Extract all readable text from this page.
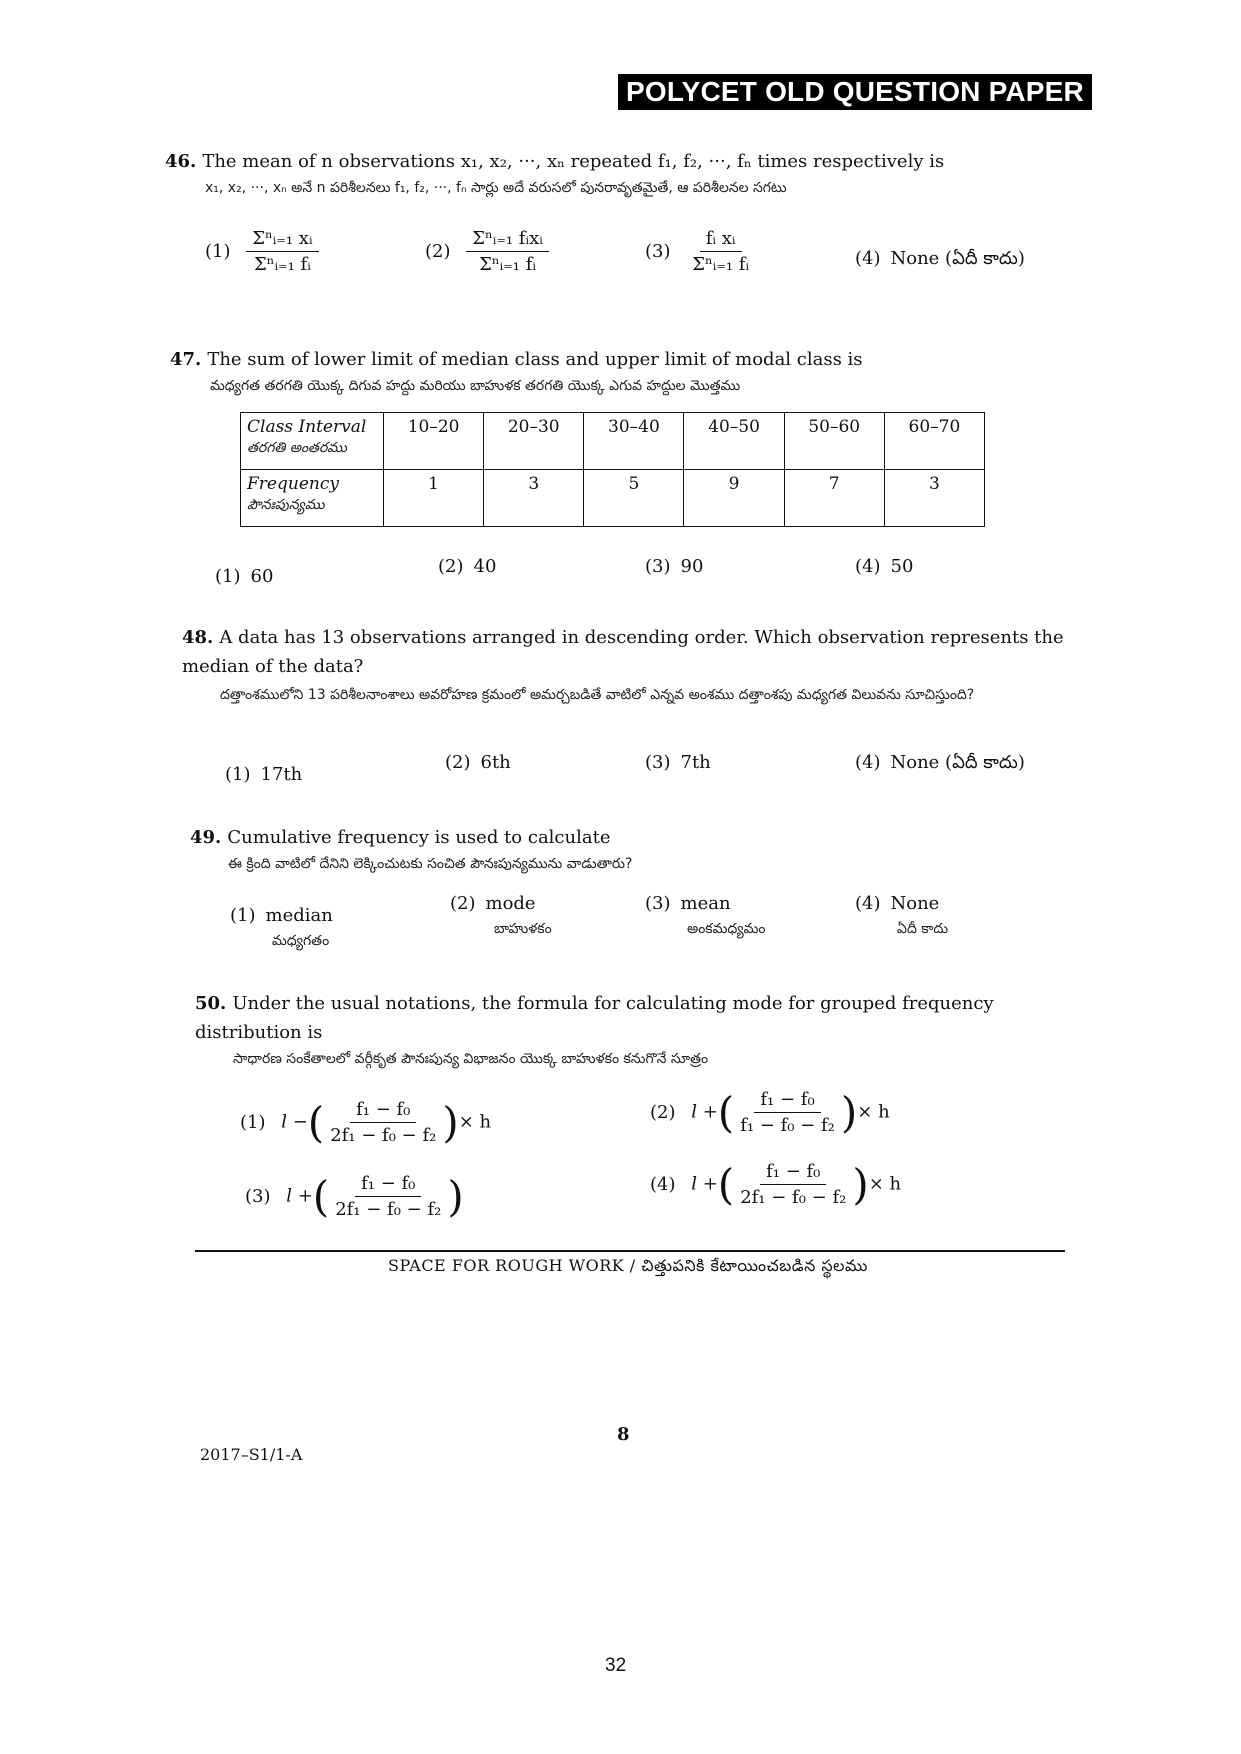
POLYCET OLD QUESTION PAPER
46. The mean of n observations x₁, x₂, ···, xₙ repeated f₁, f₂, ···, fₙ times respectively is
x₁, x₂, ···, xₙ అనే n పరిశీలనలు f₁, f₂, ···, fₙ సార్లు అదే వరుసలో పునరావృతమైతే, ఆ పరిశీలనల సగటు
$(1) \frac{\text{Σⁿᵢ₌₁ xᵢ}}{\text{Σⁿᵢ₌₁ fᵢ}}$	$(2) \frac{\text{Σⁿᵢ₌₁ fᵢxᵢ}}{\text{Σⁿᵢ₌₁ fᵢ}}$	$(3) \frac{\text{fᵢ xᵢ}}{\text{Σⁿᵢ₌₁ fᵢ}}$	(4) None (ఏదీ కాదు)
47. The sum of lower limit of median class and upper limit of modal class is
మధ్యగత తరగతి యొక్క దిగువ హద్దు మరియు బాహుళక తరగతి యొక్క ఎగువ హద్దుల మొత్తము
Class Interval
తరగతి అంతరము	10–20	20–30	30–40	40–50	50–60	60–70
Frequency
పౌనఃపున్యము	1	3	5	9	7	3
(1) 60	(2) 40	(3) 90	(4) 50
48. A data has 13 observations arranged in descending order. Which observation represents the median of the data?
దత్తాంశములోని 13 పరిశీలనాంశాలు అవరోహణ క్రమంలో అమర్చబడితే వాటిలో ఎన్నవ అంశము దత్తాంశపు మధ్యగత విలువను సూచిస్తుంది?
(1) 17th
(2) 6th	(3) 7th	(4) None (ఏదీ కాదు)
49. Cumulative frequency is used to calculate
ఈ క్రింది వాటిలో దేనిని లెక్కించుటకు సంచిత పౌనఃపున్యమును వాడుతారు?
(1) median
మధ్యగతం
(2) mode
బాహుళకం
(3) mean
అంకమధ్యమం
(4) None
ఏదీ కాదు
50. Under the usual notations, the formula for calculating mode for grouped frequency distribution is
సాధారణ సంకేతాలలో వర్గీకృత పౌనఃపున్య విభాజనం యొక్క బాహుళకం కనుగొనే సూత్రం
(1) l −( $\frac{\text{f₁ − f₀}}{\text{2f₁ − f₀ − f₂}}$ )× h	(2) l +( $\frac{\text{f₁ − f₀}}{\text{f₁ − f₀ − f₂}}$ )× h
(3) l +( $\frac{\text{f₁ − f₀}}{\text{2f₁ − f₀ − f₂}}$ )	(4) l +( $\frac{\text{f₁ − f₀}}{\text{2f₁ − f₀ − f₂}}$ )× h
SPACE FOR ROUGH WORK / చిత్తుపనికి కేటాయించబడిన స్థలము
2017–S1/1-A
8
32
